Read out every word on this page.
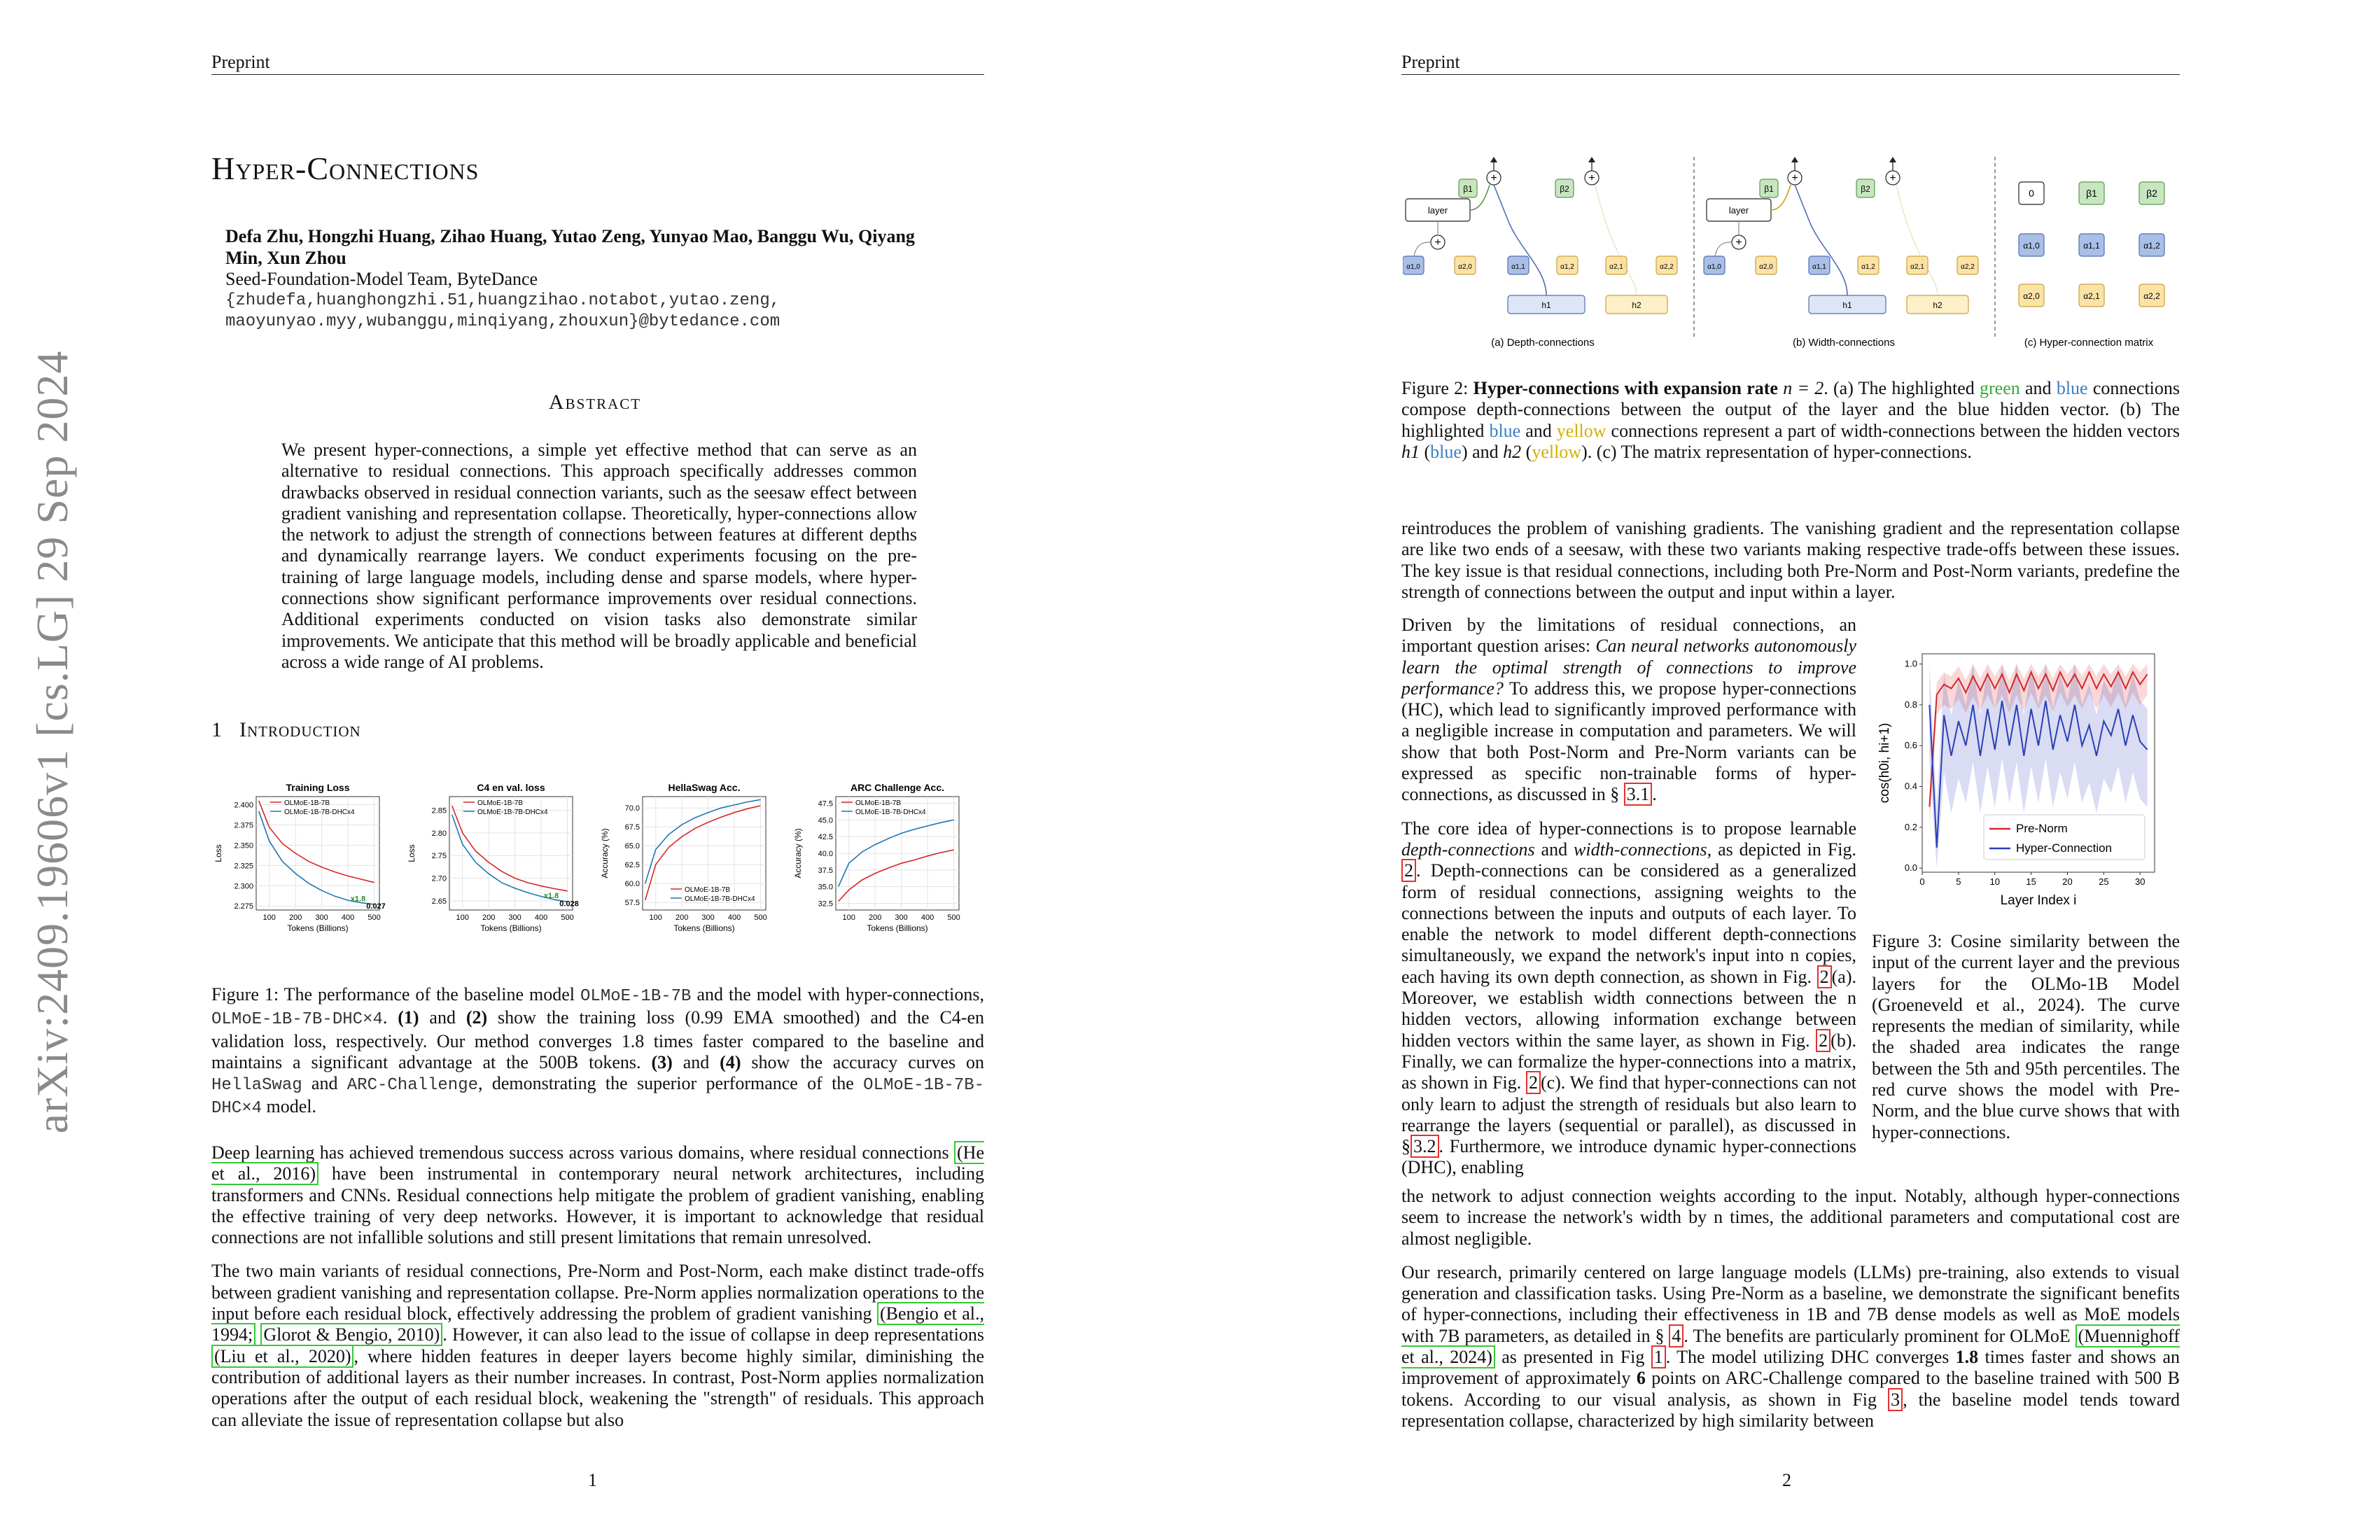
Preprint
arXiv:2409.19606v1 [cs.LG] 29 Sep 2024
Hyper-Connections
Defa Zhu, Hongzhi Huang, Zihao Huang, Yutao Zeng, Yunyao Mao, Banggu Wu, Qiyang Min, Xun Zhou
Seed-Foundation-Model Team, ByteDance
{zhudefa,huanghongzhi.51,huangzihao.notabot,yutao.zeng,
maoyunyao.myy,wubanggu,minqiyang,zhouxun}@bytedance.com
Abstract
We present hyper-connections, a simple yet effective method that can serve as an alternative to residual connections. This approach specifically addresses common drawbacks observed in residual connection variants, such as the seesaw effect between gradient vanishing and representation collapse. Theoretically, hyper-connections allow the network to adjust the strength of connections between features at different depths and dynamically rearrange layers. We conduct experiments focusing on the pre-training of large language models, including dense and sparse models, where hyper-connections show significant performance improvements over residual connections. Additional experiments conducted on vision tasks also demonstrate similar improvements. We anticipate that this method will be broadly applicable and beneficial across a wide range of AI problems.
1 Introduction
Training Loss
100 200 300 400 500
2.275
2.300
2.325
2.350
2.375
2.400
Tokens (Billions)
Loss
OLMoE-1B-7B
OLMoE-1B-7B-DHCx4
x1.8
0.027
C4 en val. loss
100 200 300 400 500
2.65
2.70
2.75
2.80
2.85
Tokens (Billions)
Loss
OLMoE-1B-7B
OLMoE-1B-7B-DHCx4
x1.8
0.028
HellaSwag Acc.
100 200 300 400 500
57.5
60.0
62.5
65.0
67.5
70.0
Tokens (Billions)
Accuracy (%)
OLMoE-1B-7B
OLMoE-1B-7B-DHCx4
ARC Challenge Acc.
100 200 300 400 500
32.5
35.0
37.5
40.0
42.5
45.0
47.5
Tokens (Billions)
Accuracy (%)
OLMoE-1B-7B
OLMoE-1B-7B-DHCx4
Figure 1: The performance of the baseline model OLMoE-1B-7B and the model with hyper-connections, OLMoE-1B-7B-DHC×4. (1) and (2) show the training loss (0.99 EMA smoothed) and the C4-en validation loss, respectively. Our method converges 1.8 times faster compared to the baseline and maintains a significant advantage at the 500B tokens. (3) and (4) show the accuracy curves on HellaSwag and ARC-Challenge, demonstrating the superior performance of the OLMoE-1B-7B-DHC×4 model.

Deep learning has achieved tremendous success across various domains, where residual connections (He et al., 2016) have been instrumental in contemporary neural network architectures, including transformers and CNNs. Residual connections help mitigate the problem of gradient vanishing, enabling the effective training of very deep networks. However, it is important to acknowledge that residual connections are not infallible solutions and still present limitations that remain unresolved.

The two main variants of residual connections, Pre-Norm and Post-Norm, each make distinct trade-offs between gradient vanishing and representation collapse. Pre-Norm applies normalization operations to the input before each residual block, effectively addressing the problem of gradient vanishing (Bengio et al., 1994; Glorot & Bengio, 2010) . However, it can also lead to the issue of collapse in deep representations (Liu et al., 2020) , where hidden features in deeper layers become highly similar, diminishing the contribution of additional layers as their number increases. In contrast, Post-Norm applies normalization operations after the output of each residual block, weakening the "strength" of residuals. This approach can alleviate the issue of representation collapse but also

1
Preprint
layer
+
β1	β2
+	+
α1,0	α2,0	α1,1	α1,2	α2,1	α2,2
h1	h2
layer
+
β1	β2
+	+
α1,0	α2,0	α1,1	α1,2	α2,1	α2,2
h1	h2
0	β1	β2
α1,0	α1,1	α1,2
α2,0	α2,1	α2,2
(a) Depth-connections	(b) Width-connections	(c) Hyper-connection matrix
Figure 2: Hyper-connections with expansion rate n = 2. (a) The highlighted green and blue connections compose depth-connections between the output of the layer and the blue hidden vector. (b) The highlighted blue and yellow connections represent a part of width-connections between the hidden vectors h1 (blue) and h2 (yellow). (c) The matrix representation of hyper-connections.
reintroduces the problem of vanishing gradients. The vanishing gradient and the representation collapse are like two ends of a seesaw, with these two variants making respective trade-offs between these issues. The key issue is that residual connections, including both Pre-Norm and Post-Norm variants, predefine the strength of connections between the output and input within a layer.

Driven by the limitations of residual connections, an important question arises: Can neural networks autonomously learn the optimal strength of connections to improve performance? To address this, we propose hyper-connections (HC), which lead to significantly improved performance with a negligible increase in computation and parameters. We will show that both Post-Norm and Pre-Norm variants can be expressed as specific non-trainable forms of hyper-connections, as discussed in § 3.1 .

The core idea of hyper-connections is to propose learnable depth-connections and width-connections, as depicted in Fig. 2 . Depth-connections can be considered as a generalized form of residual connections, assigning weights to the connections between the inputs and outputs of each layer. To enable the network to model different depth-connections simultaneously, we expand the network's input into n copies, each having its own depth connection, as shown in Fig. 2 (a). Moreover, we establish width connections between the n hidden vectors, allowing information exchange between hidden vectors within the same layer, as shown in Fig. 2 (b). Finally, we can formalize the hyper-connections into a matrix, as shown in Fig. 2 (c). We find that hyper-connections can not only learn to adjust the strength of residuals but also learn to rearrange the layers (sequential or parallel), as discussed in § 3.2 . Furthermore, we introduce dynamic hyper-connections (DHC), enabling

0	5	10	15	20	25	30
0.0
0.2
0.4
0.6
0.8
1.0
Pre-Norm
Hyper-Connection
Layer Index i
cos(h0i, hi+1)
Figure 3: Cosine similarity between the input of the current layer and the previous layers for the OLMo-1B Model (Groeneveld et al., 2024). The curve represents the median of similarity, while the shaded area indicates the range between the 5th and 95th percentiles. The red curve shows the model with Pre-Norm, and the blue curve shows that with hyper-connections.

the network to adjust connection weights according to the input. Notably, although hyper-connections seem to increase the network's width by n times, the additional parameters and computational cost are almost negligible.

Our research, primarily centered on large language models (LLMs) pre-training, also extends to visual generation and classification tasks. Using Pre-Norm as a baseline, we demonstrate the significant benefits of hyper-connections, including their effectiveness in 1B and 7B dense models as well as MoE models with 7B parameters, as detailed in § 4 . The benefits are particularly prominent for OLMoE (Muennighoff et al., 2024) as presented in Fig 1 . The model utilizing DHC converges 1.8 times faster and shows an improvement of approximately 6 points on ARC-Challenge compared to the baseline trained with 500 B tokens. According to our visual analysis, as shown in Fig 3 , the baseline model tends toward representation collapse, characterized by high similarity between

2
